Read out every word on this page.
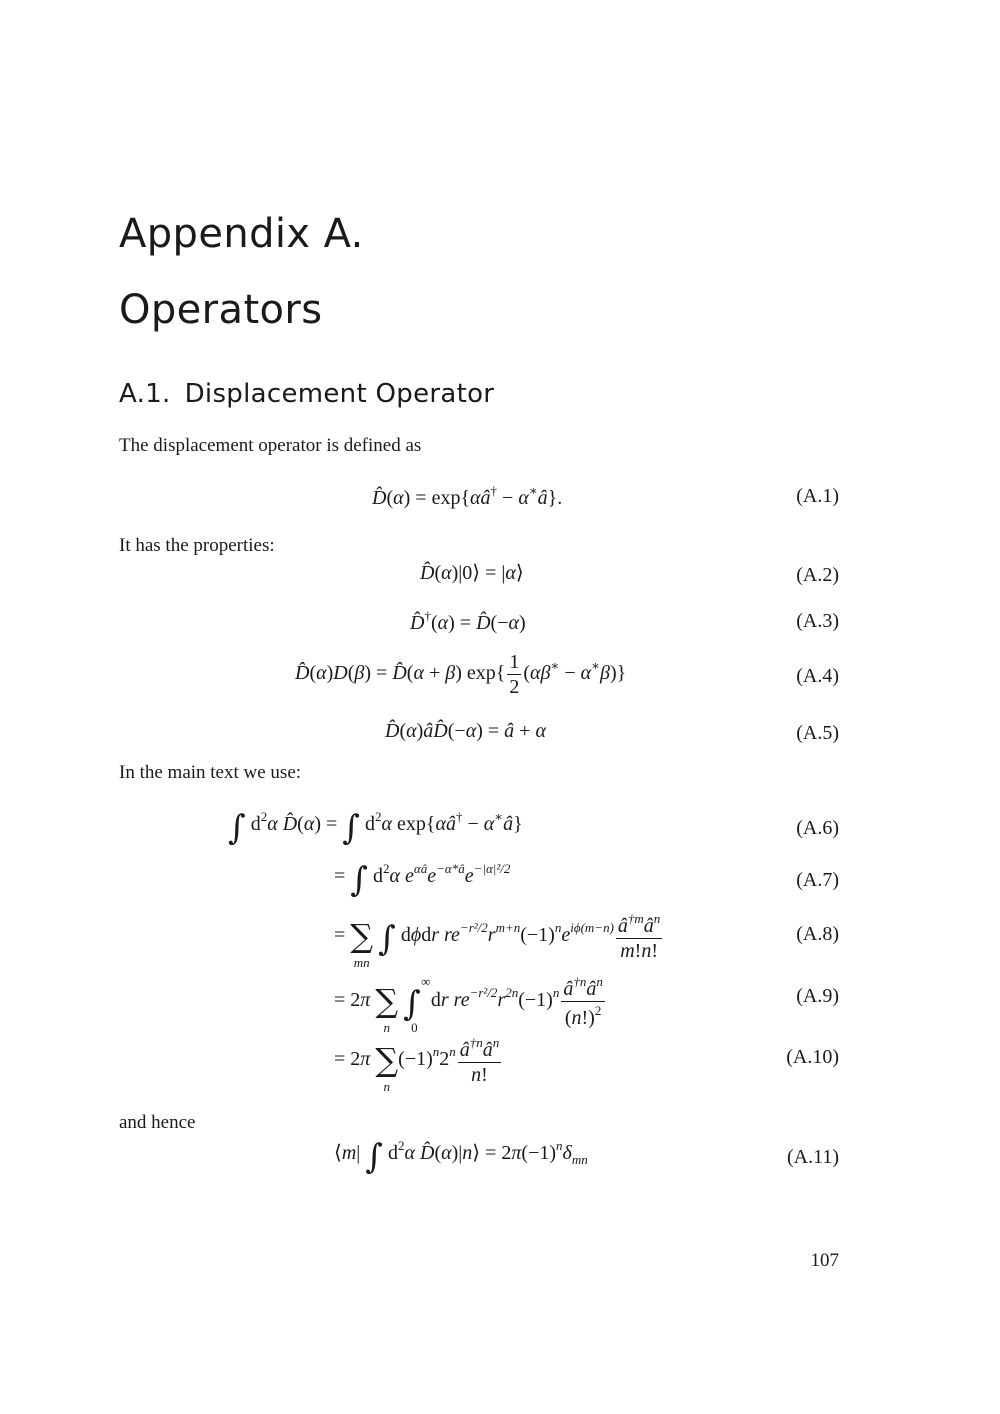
Appendix A.
Operators
A.1. Displacement Operator
The displacement operator is defined as
D̂(α) = exp{αâ† − α∗â}.	(A.1)
It has the properties:
D̂(α)|0⟩ = |α⟩	(A.2)
D̂†(α) = D̂(−α)	(A.3)
D̂(α)D(β) = D̂(α + β) $\exp\{ \frac{1}{2} (\alpha\beta^∗ - \alpha^∗\beta)\}$	(A.4)
D̂(α)âD̂(−α) = â + α	(A.5)
In the main text we use:
∫ $d^2\alpha$ D̂(α) = ∫ $d^2\alpha$ exp{αâ† − α∗â}	(A.6)
= ∫ $d^2\alpha$ $e^{\alpha â}e^{-\alpha*â}e^{-|\alpha|^2/2}$
(A.7)
= ∑
mn
∫ dϕdr $re^{-r^2/2}r^{m+n}(-1)^ne^{i\phi(m-n)} \frac{â^{\dagger m}â^n}{m!n!}$	(A.8)
= 2π ∑
n
∫
∞
0
dr $re^{-r^2/2}r^{2n}(-1)^n \frac{â^{\dagger n}â^n}{(n!)^2}$	(A.9)
= 2π ∑
n
$(-1)^n2^n \frac{â^{\dagger n}â^n}{n!}$	(A.10)
and hence
⟨m| ∫ $d^2\alpha$ D̂(α)|n⟩ = $2\pi(-1)^n\delta_{mn}$	(A.11)
107
